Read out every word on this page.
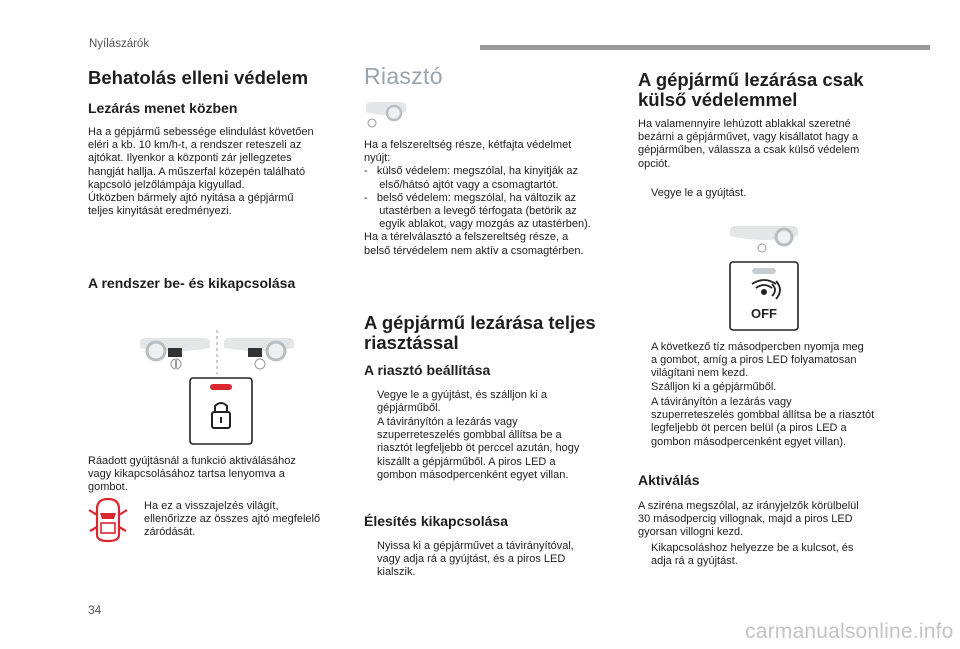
Nyílászárók
Behatolás elleni védelem
Lezárás menet közben
Ha a gépjármű sebessége elindulást követően
eléri a kb. 10 km/h-t, a rendszer reteszeli az
ajtókat. Ilyenkor a központi zár jellegzetes
hangját hallja. A műszerfal közepén található
kapcsoló jelzőlámpája kigyullad.
Útközben bármely ajtó nyitása a gépjármű
teljes kinyitását eredményezi.
A rendszer be- és kikapcsolása
Ráadott gyújtásnál a funkció aktiválásához
vagy kikapcsolásához tartsa lenyomva a
gombot.
Ha ez a visszajelzés világít,
ellenőrizze az összes ajtó megfelelő
záródását.
Riasztó
Ha a felszereltség része, kétfajta védelmet
nyújt:
-   külső védelem: megszólal, ha kinyitják az
első/hátsó ajtót vagy a csomagtartót.
-   belső védelem: megszólal, ha változik az
utastérben a levegő térfogata (betörik az
egyik ablakot, vagy mozgás az utastérben).
Ha a térelválasztó a felszereltség része, a
belső térvédelem nem aktív a csomagtérben.
A gépjármű lezárása teljes
riasztással
A riasztó beállítása
Vegye le a gyújtást, és szálljon ki a
gépjárműből.
A távirányítón a lezárás vagy
szuperreteszelés gombbal állítsa be a
riasztót legfeljebb öt perccel azután, hogy
kiszállt a gépjárműből. A piros LED a
gombon másodpercenként egyet villan.
Élesítés kikapcsolása
Nyissa ki a gépjárművet a távirányítóval,
vagy adja rá a gyújtást, és a piros LED
kialszik.
A gépjármű lezárása csak
külső védelemmel
Ha valamennyire lehúzott ablakkal szeretné
bezárni a gépjárművet, vagy kisállatot hagy a
gépjárműben, válassza a csak külső védelem
opciót.
Vegye le a gyújtást.
OFF
A következő tíz másodpercben nyomja meg
a gombot, amíg a piros LED folyamatosan
világítani nem kezd.
Szálljon ki a gépjárműből.
A távirányítón a lezárás vagy
szuperreteszelés gombbal állítsa be a riasztót
legfeljebb öt percen belül (a piros LED a
gombon másodpercenként egyet villan).
Aktiválás
A sziréna megszólal, az irányjelzők körülbelül
30 másodpercig villognak, majd a piros LED
gyorsan villogni kezd.
Kikapcsoláshoz helyezze be a kulcsot, és
adja rá a gyújtást.
34
carmanualsonline.info
